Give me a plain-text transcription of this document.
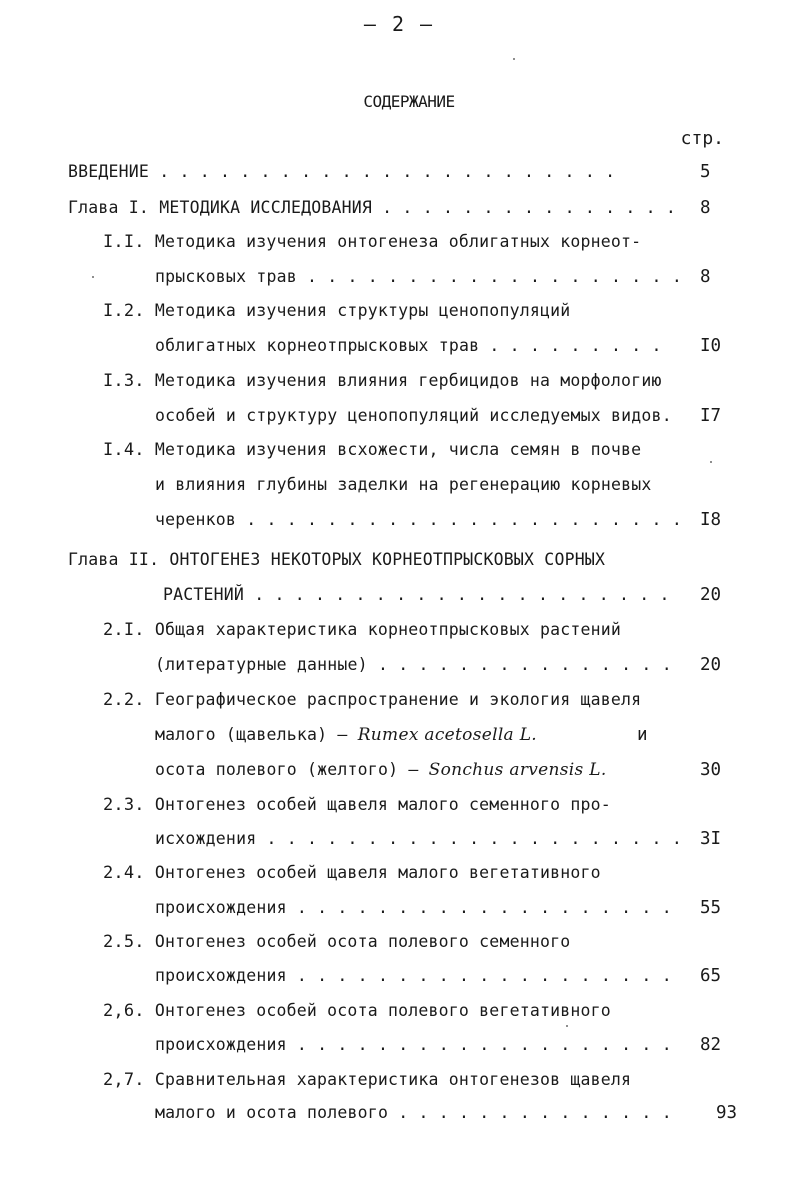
– 2 –
СОДЕРЖАНИЕ
стр.
ВВЕДЕНИЕ . . . . . . . . . . . . . . . . . . . . . . .	5
Глава I. МЕТОДИКА ИССЛЕДОВАНИЯ . . . . . . . . . . . . . . . 8
I.I. Методика изучения онтогенеза облигатных корнеот-
прысковых трав . . . . . . . . . . . . . . . . . . . 8
I.2. Методика изучения структуры ценопопуляций
облигатных корнеотпрысковых трав . . . . . . . . . I0
I.3. Методика изучения влияния гербицидов на морфологию
особей и структуру ценопопуляций исследуемых видов. I7
I.4. Методика изучения всхожести, числа семян в почве
и влияния глубины заделки на регенерацию корневых
черенков . . . . . . . . . . . . . . . . . . . . . . I8
Глава II. ОНТОГЕНЕЗ НЕКОТОРЫХ КОРНЕОТПРЫСКОВЫХ СОРНЫХ
РАСТЕНИЙ . . . . . . . . . . . . . . . . . . . . . 20
2.I. Общая характеристика корнеотпрысковых растений
(литературные данные) . . . . . . . . . . . . . . . 20
2.2. Географическое распространение и экология щавеля
малого (щавелька) – Rumex acetosella L.	и
осота полевого (желтого) – Sonchus arvensis L.	30
2.3. Онтогенез особей щавеля малого семенного про-
исхождения . . . . . . . . . . . . . . . . . . . . . 3I
2.4. Онтогенез особей щавеля малого вегетативного
происхождения . . . . . . . . . . . . . . . . . . . 55
2.5. Онтогенез особей осота полевого семенного
происхождения . . . . . . . . . . . . . . . . . . . 65
2,6. Онтогенез особей осота полевого вегетативного
происхождения . . . . . . . . . . . . . . . . . . . 82
2,7. Сравнительная характеристика онтогенезов щавеля
малого и осота полевого . . . . . . . . . . . . . .	93
